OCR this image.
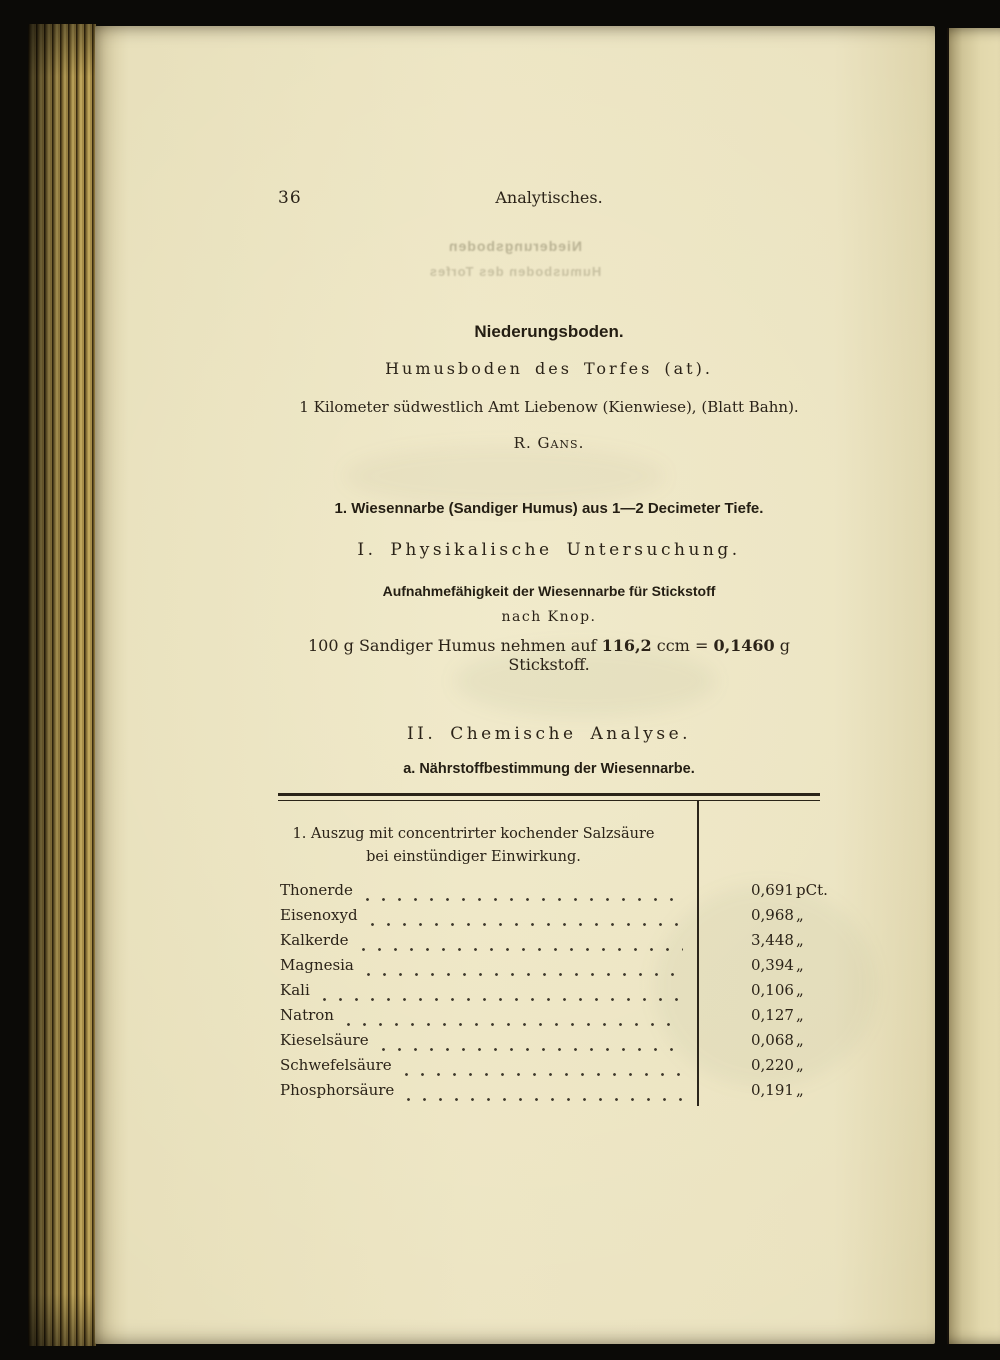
Niederungsboden
Humusboden des Torfes
36	Analytisches.
Niederungsboden.
Humusboden des Torfes (at).
1 Kilometer südwestlich Amt Liebenow (Kienwiese), (Blatt Bahn).
R. Gans.
1. Wiesennarbe (Sandiger Humus) aus 1—2 Decimeter Tiefe.
I. Physikalische Untersuchung.
Aufnahmefähigkeit der Wiesennarbe für Stickstoff
nach Knop.
100 g Sandiger Humus nehmen auf 116,2 ccm = 0,1460 g Stickstoff.
II. Chemische Analyse.
a. Nährstoffbestimmung der Wiesennarbe.
1. Auszug mit concentrirter kochender Salzsäure
bei einstündiger Einwirkung.
Thonerde	0,691 pCt.
Eisenoxyd	0,968 „
Kalkerde	3,448 „
Magnesia	0,394 „
Kali	0,106 „
Natron	0,127 „
Kieselsäure	0,068 „
Schwefelsäure	0,220 „
Phosphorsäure	0,191 „
